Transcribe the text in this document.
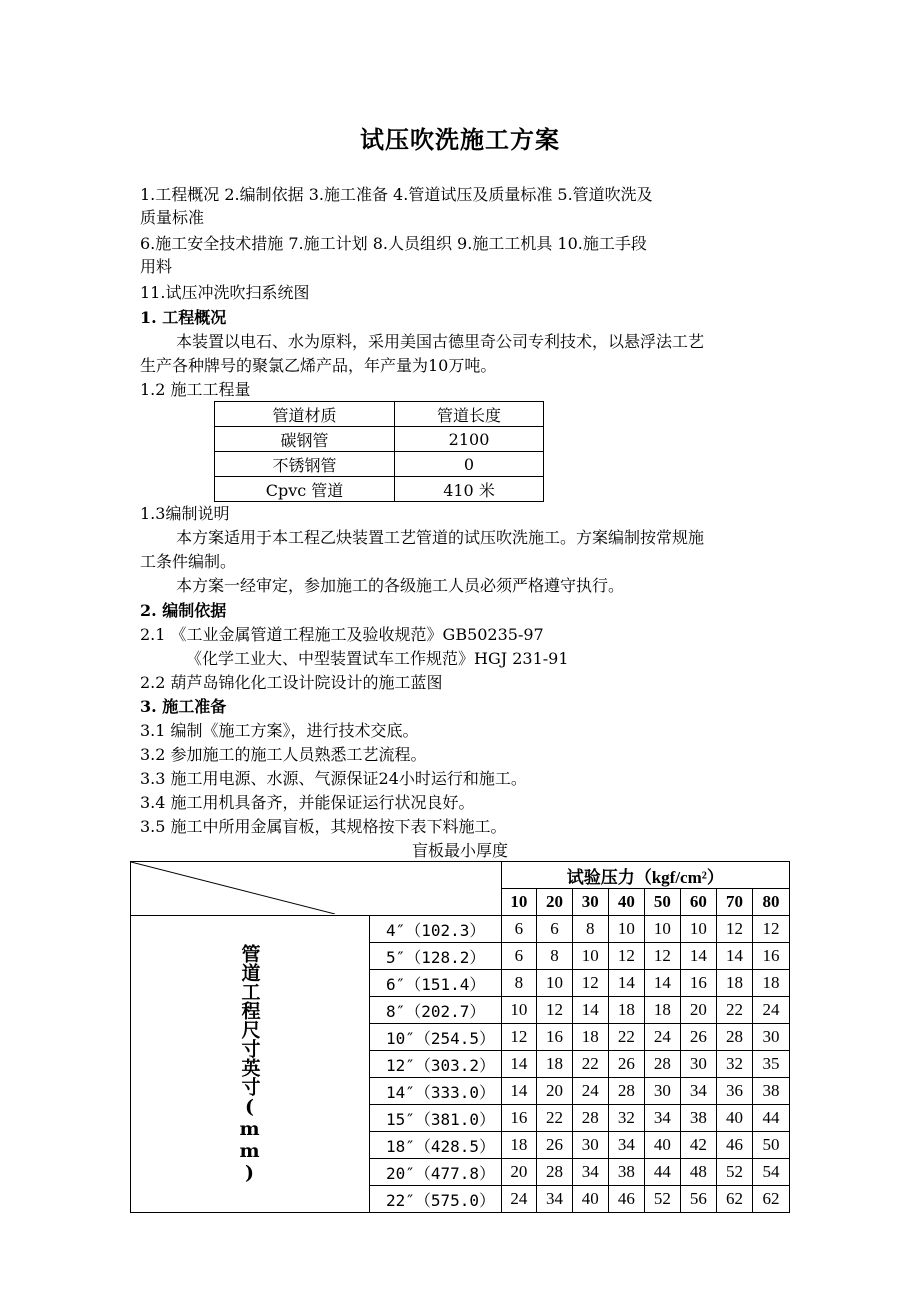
试压吹洗施工方案
1.工程概况 2.编制依据 3.施工准备 4.管道试压及质量标准 5.管道吹洗及
质量标准
6.施工安全技术措施 7.施工计划 8.人员组织 9.施工工机具 10.施工手段
用料
11.试压冲洗吹扫系统图
1. 工程概况
本装置以电石、水为原料，采用美国古德里奇公司专利技术，以悬浮法工艺
生产各种牌号的聚氯乙烯产品，年产量为10万吨。
1.2 施工工程量
管道材质	管道长度
碳钢管	2100
不锈钢管	0
Cpvc 管道	410 米
1.3编制说明
本方案适用于本工程乙炔装置工艺管道的试压吹洗施工。方案编制按常规施
工条件编制。
本方案一经审定，参加施工的各级施工人员必须严格遵守执行。
2. 编制依据
2.1 《工业金属管道工程施工及验收规范》GB50235-97
《化学工业大、中型装置试车工作规范》HGJ 231-91
2.2 葫芦岛锦化化工设计院设计的施工蓝图
3. 施工准备
3.1 编制《施工方案》，进行技术交底。
3.2 参加施工的施工人员熟悉工艺流程。
3.3 施工用电源、水源、气源保证24小时运行和施工。
3.4 施工用机具备齐，并能保证运行状况良好。
3.5 施工中所用金属盲板，其规格按下表下料施工。
盲板最小厚度
	试验压力（kgf/cm²）							
		10	20	30	40	50	60	70	80
管道工程尺寸英寸(mm)	4″（102.3）	6	6	8	10	10	10	12	12
	5″（128.2）	6	8	10	12	12	14	14	16
	6″（151.4）	8	10	12	14	14	16	18	18
	8″（202.7）	10	12	14	18	18	20	22	24
	10″（254.5）	12	16	18	22	24	26	28	30
	12″（303.2）	14	18	22	26	28	30	32	35
	14″（333.0）	14	20	24	28	30	34	36	38
	15″（381.0）	16	22	28	32	34	38	40	44
	18″（428.5）	18	26	30	34	40	42	46	50
	20″（477.8）	20	28	34	38	44	48	52	54
	22″（575.0）	24	34	40	46	52	56	62	62
